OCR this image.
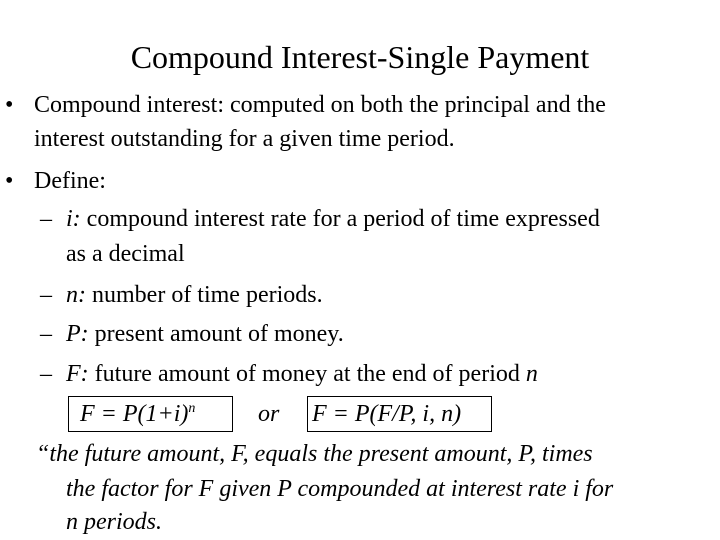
Compound Interest-Single Payment
• Compound interest: computed on both the principal and the
interest outstanding for a given time period.
• Define:
– i: compound interest rate for a period of time expressed
as a decimal
– n: number of time periods.
– P: present amount of money.
– F: future amount of money at the end of period n
$F = P(1+i)^n$	or F = P(F/P, i, n)
“the future amount, F, equals the present amount, P, times
the factor for F given P compounded at interest rate i for
n periods.
